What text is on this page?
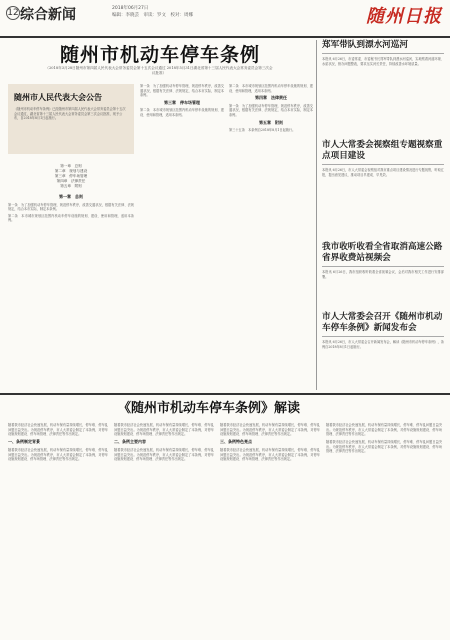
12 综合新闻	2018年06月27日
编辑：李晓芸　审读：罗文　校对：周娜	随州日报
随州市机动车停车条例
（2018年3月28日随州市第四届人民代表大会常务委员会第十五次会议通过 2018年5月31日湖北省第十三届人民代表大会常务委员会第三次会议批准）
随州市人民代表大会公告
《随州市机动车停车条例》已经随州市第四届人民代表大会常务委员会第十五次会议通过，湖北省第十三届人民代表大会常务委员会第三次会议批准，现予公布，自2018年8月1日起施行。
第一章　总则
第二章　规划与建设
第三章　停车场管理
第四章　法律责任
第五章　附则
第一章　总则

第一条　为了加强机动车停车管理，规范停车秩序，改善交通状况，根据有关法律、法规规定，结合本市实际，制定本条例。

第二条　本市城市规划区范围内机动车停车设施的规划、建设、使用和管理，适用本条例。

第一条　为了加强机动车停车管理，规范停车秩序，改善交通状况，根据有关法律、法规规定，结合本市实际，制定本条例。

第三章　停车场管理

第二条　本市城市规划区范围内机动车停车设施的规划、建设、使用和管理，适用本条例。

第二条　本市城市规划区范围内机动车停车设施的规划、建设、使用和管理，适用本条例。

第四章　法律责任

第一条　为了加强机动车停车管理，规范停车秩序，改善交通状况，根据有关法律、法规规定，结合本市实际，制定本条例。

第五章　附则

第三十五条　本条例自2018年8月1日起施行。

郑军带队到漂水河巡河
本报讯 6月26日，市委常委、市委秘书长郑军带队到漂水河巡河，实地察看河道环境、水质状况，督办问题整改，要求压实河长责任，持续改善水环境质量。
市人大常委会视察组专题视察重点项目建设
本报讯 6月26日，市人大常委会视察组对我市重点项目建设情况进行专题视察，听取汇报，提出意见建议，推动项目早建成、早见效。
我市收听收看全省取消高速公路省界收费站视频会
本报讯 6月26日，我市组织收听收看全省视频会议，会后对我市相关工作进行安排部署。
市人大常委会召开《随州市机动车停车条例》新闻发布会
本报讯 6月26日，市人大常委会召开新闻发布会，解读《随州市机动车停车条例》，条例自2018年8月1日起施行。
《随州市机动车停车条例》解读

随着我市经济社会快速发展，机动车保有量持续增长，停车难、停车乱问题日益突出。为规范停车秩序，市人大常委会制定了本条例，对停车设施规划建设、停车场管理、法律责任等作出规定。

一、条例制定背景

随着我市经济社会快速发展，机动车保有量持续增长，停车难、停车乱问题日益突出。为规范停车秩序，市人大常委会制定了本条例，对停车设施规划建设、停车场管理、法律责任等作出规定。

随着我市经济社会快速发展，机动车保有量持续增长，停车难、停车乱问题日益突出。为规范停车秩序，市人大常委会制定了本条例，对停车设施规划建设、停车场管理、法律责任等作出规定。

二、条例主要内容

随着我市经济社会快速发展，机动车保有量持续增长，停车难、停车乱问题日益突出。为规范停车秩序，市人大常委会制定了本条例，对停车设施规划建设、停车场管理、法律责任等作出规定。

随着我市经济社会快速发展，机动车保有量持续增长，停车难、停车乱问题日益突出。为规范停车秩序，市人大常委会制定了本条例，对停车设施规划建设、停车场管理、法律责任等作出规定。

三、条例特色亮点

随着我市经济社会快速发展，机动车保有量持续增长，停车难、停车乱问题日益突出。为规范停车秩序，市人大常委会制定了本条例，对停车设施规划建设、停车场管理、法律责任等作出规定。

随着我市经济社会快速发展，机动车保有量持续增长，停车难、停车乱问题日益突出。为规范停车秩序，市人大常委会制定了本条例，对停车设施规划建设、停车场管理、法律责任等作出规定。

随着我市经济社会快速发展，机动车保有量持续增长，停车难、停车乱问题日益突出。为规范停车秩序，市人大常委会制定了本条例，对停车设施规划建设、停车场管理、法律责任等作出规定。
